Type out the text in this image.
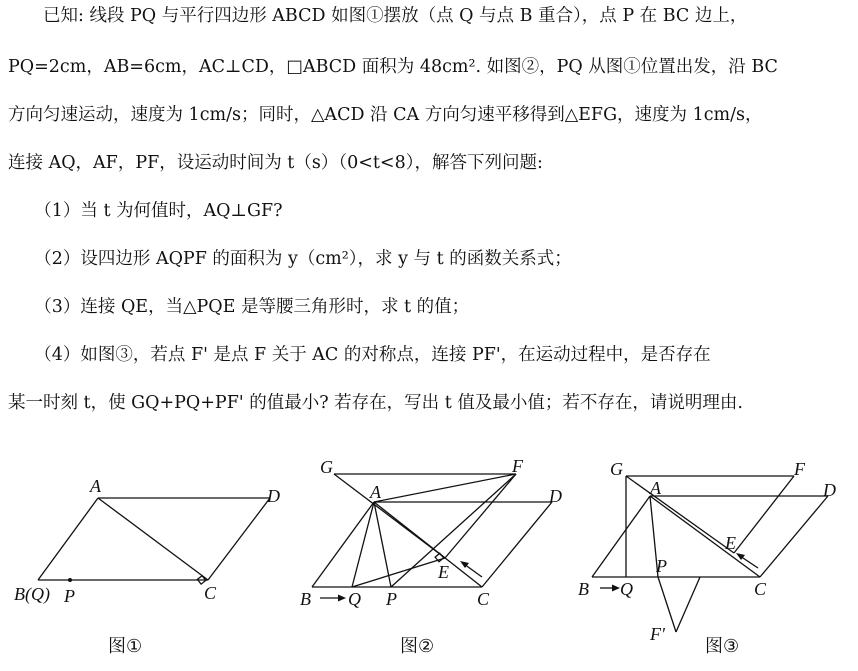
　　已知: 线段 PQ 与平行四边形 ABCD 如图①摆放（点 Q 与点 B 重合），点 P 在 BC 边上，
PQ=2cm，AB=6cm，AC⊥CD，□ABCD 面积为 48cm². 如图②，PQ 从图①位置出发，沿 BC
方向匀速运动，速度为 1cm/s；同时，△ACD 沿 CA 方向匀速平移得到△EFG，速度为 1cm/s，
连接 AQ，AF，PF，设运动时间为 t（s）（0<t<8），解答下列问题:
　　（1）当 t 为何值时，AQ⊥GF?
　　（2）设四边形 AQPF 的面积为 y（cm²），求 y 与 t 的函数关系式；
　　（3）连接 QE，当△PQE 是等腰三角形时，求 t 的值；
　　（4）如图③，若点 F' 是点 F 关于 AC 的对称点，连接 PF'，在运动过程中，是否存在
某一时刻 t，使 GQ+PQ+PF' 的值最小? 若存在，写出 t 值及最小值；若不存在，请说明理由.
A	D
B(Q) P	C
图①
G	F
A	D
E
B Q P	C
图②
G	F
A	D
E
P
B Q	C
F'
图③
